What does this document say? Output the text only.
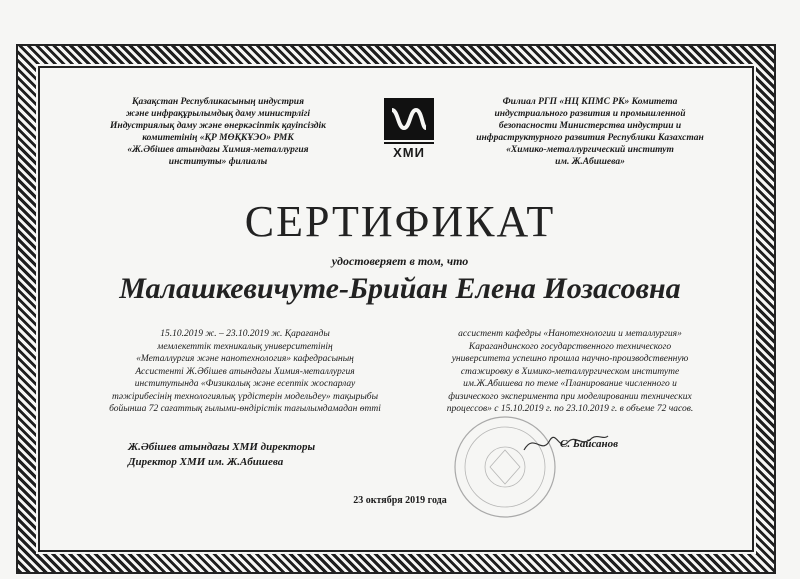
Қазақстан Республикасының индустрия
және инфрақұрылымдық даму министрлігі
Индустриялық даму және өнеркәсіптік қауіпсіздік
комитетінің «ҚР МӨҚКҰЭО» РМК
«Ж.Әбішев атындағы Химия-металлургия
институты» филиалы
ХМИ
Филиал РГП «НЦ КПМС РК» Комитета
индустриального развития и промышленной
безопасности Министерства индустрии и
инфраструктурного развития Республики Казахстан
«Химико-металлургический институт
им. Ж.Абишева»
СЕРТИФИКАТ
удостоверяет в том, что
Малашкевичуте-Брийан Елена Иозасовна
15.10.2019 ж. – 23.10.2019 ж. Қарағанды
мемлекеттік техникалық университетінің
«Металлургия және нанотехнология» кафедрасының
Ассистенті Ж.Әбішев атындағы Химия-металлургия
институтында «Физикалық және есептік жоспарлау
тәжірибесінің технологиялық үрдістерін модельдеу» тақырыбы
бойынша 72 сағаттық ғылыми-өндірістік тағылымдамадан өтті
ассистент кафедры «Нанотехнологии и металлургия»
Карагандинского государственного технического
университета успешно прошла научно-производственную
стажировку в Химико-металлургическом институте
им.Ж.Абишева по теме «Планирование численного и
физического эксперимента при моделировании технических
процессов» с 15.10.2019 г. по 23.10.2019 г. в объеме 72 часов.
Ж.Әбішев атындағы ХМИ директоры
Директор ХМИ им. Ж.Абишева
С. Байсанов
23 октября 2019 года
